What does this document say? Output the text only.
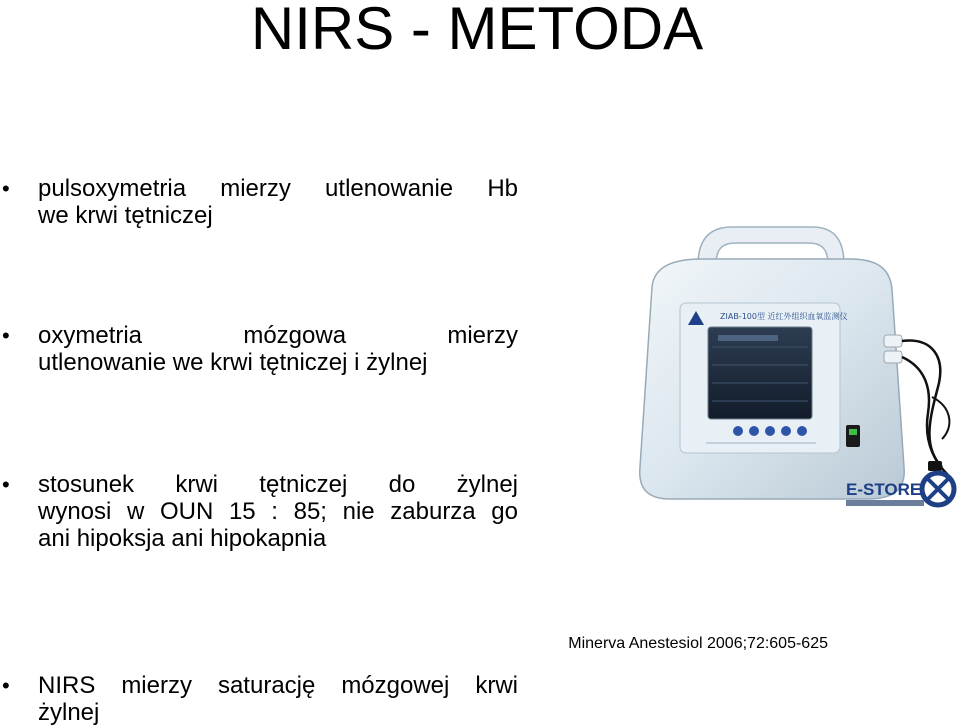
NIRS - METODA
• pulsoxymetria mierzy utlenowanie Hb
we krwi tętniczej
• oxymetria mózgowa mierzy
utlenowanie we krwi tętniczej i żylnej
• stosunek krwi tętniczej do żylnej
wynosi w OUN 15 : 85; nie zaburza go
ani hipoksja ani hipokapnia
• NIRS mierzy saturację mózgowej krwi
żylnej
ZIAB-100型 近红外组织血氧监测仪
E-STORE
Minerva Anestesiol 2006;72:605-625
